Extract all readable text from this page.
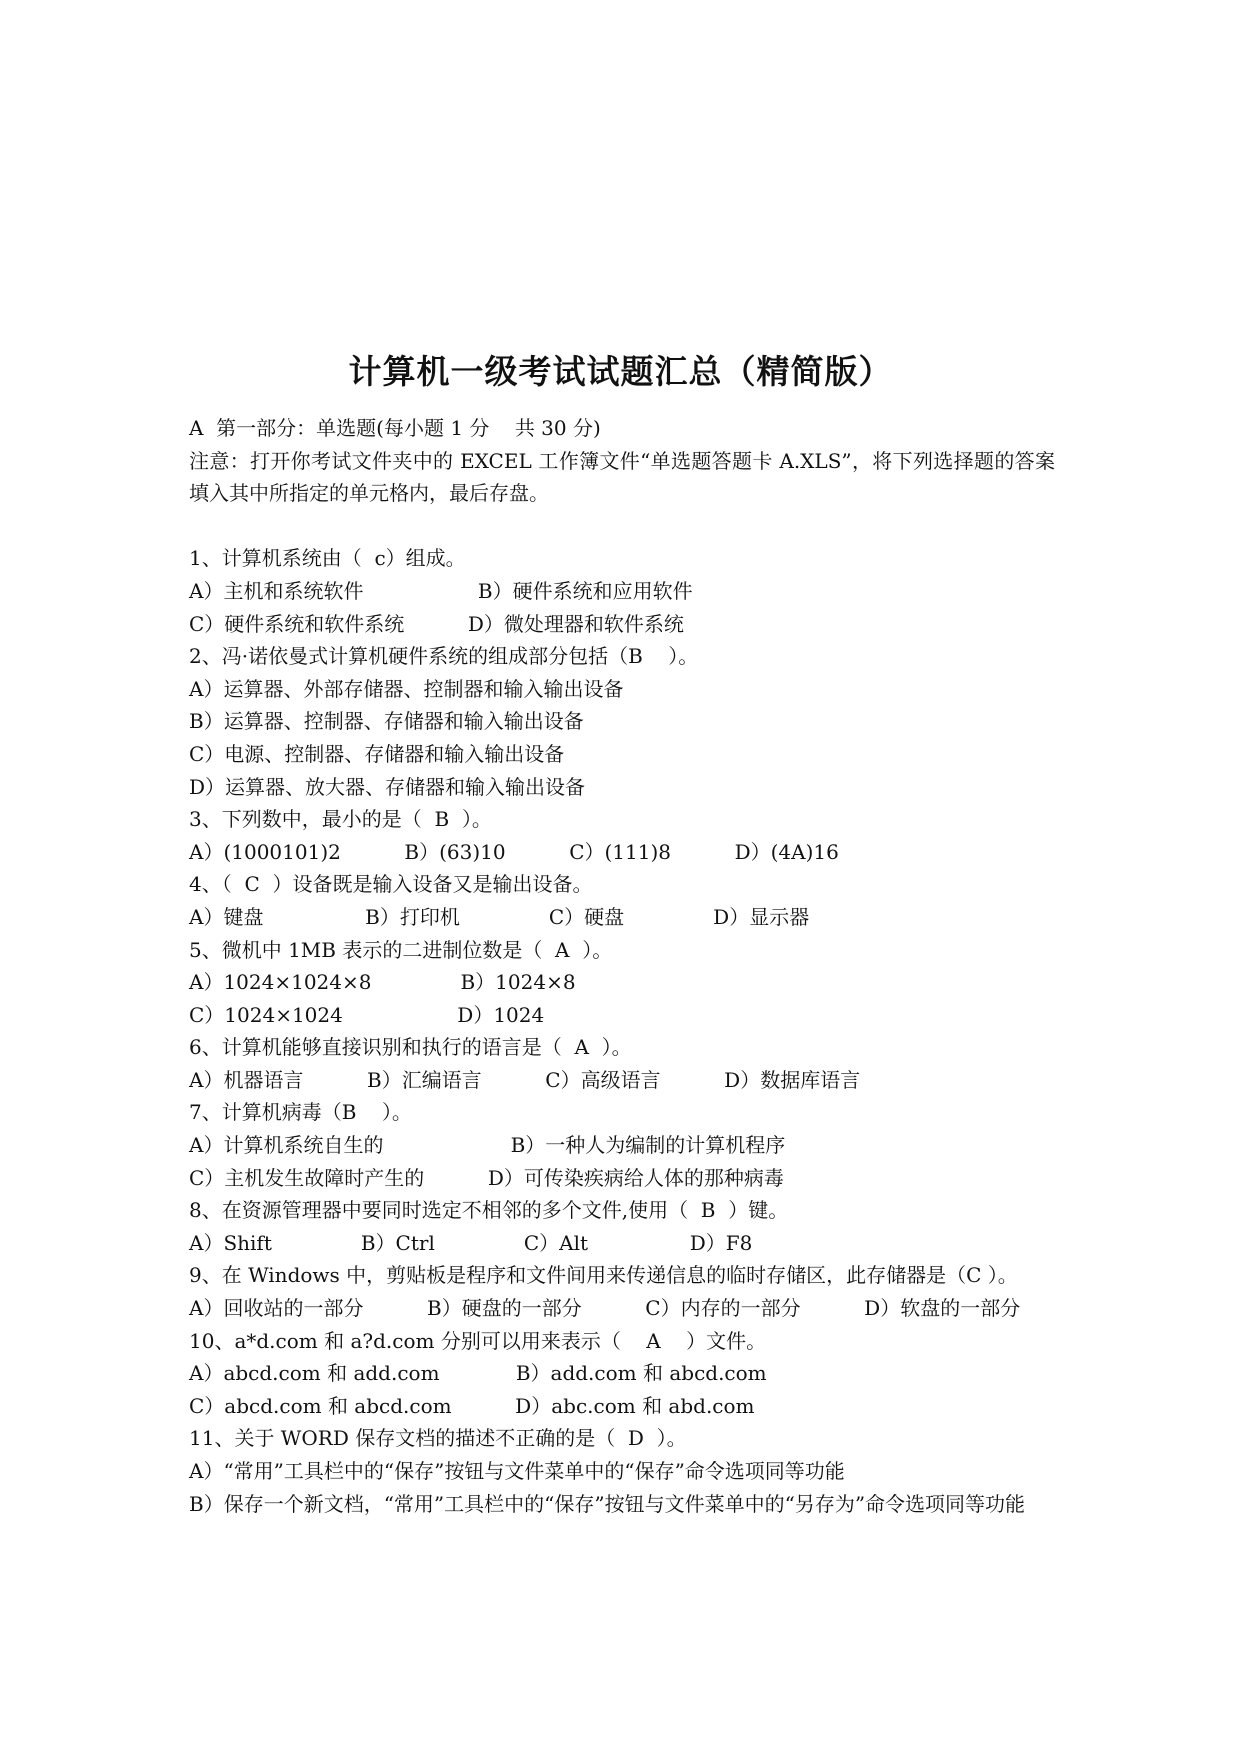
计算机一级考试试题汇总（精简版）
A  第一部分：单选题(每小题 1 分    共 30 分)
注意：打开你考试文件夹中的 EXCEL 工作簿文件“单选题答题卡 A.XLS”，将下列选择题的答案填入其中所指定的单元格内，最后存盘。
1、计算机系统由（  c）组成。
A）主机和系统软件                  B）硬件系统和应用软件
C）硬件系统和软件系统          D）微处理器和软件系统
2、冯·诺依曼式计算机硬件系统的组成部分包括（B    ）。
A）运算器、外部存储器、控制器和输入输出设备
B）运算器、控制器、存储器和输入输出设备
C）电源、控制器、存储器和输入输出设备
D）运算器、放大器、存储器和输入输出设备
3、下列数中，最小的是（  B  ）。
A）(1000101)2          B）(63)10          C）(111)8          D）(4A)16
4、（  C  ）设备既是输入设备又是输出设备。
A）键盘                B）打印机              C）硬盘              D）显示器
5、微机中 1MB 表示的二进制位数是（  A  ）。
A）1024×1024×8              B）1024×8
C）1024×1024                  D）1024
6、计算机能够直接识别和执行的语言是（  A  ）。
A）机器语言          B）汇编语言          C）高级语言          D）数据库语言
7、计算机病毒（B    ）。
A）计算机系统自生的                    B）一种人为编制的计算机程序
C）主机发生故障时产生的          D）可传染疾病给人体的那种病毒
8、在资源管理器中要同时选定不相邻的多个文件,使用（  B  ）键。
A）Shift              B）Ctrl              C）Alt                D）F8
9、在 Windows 中，剪贴板是程序和文件间用来传递信息的临时存储区，此存储器是（C ）。
A）回收站的一部分          B）硬盘的一部分          C）内存的一部分          D）软盘的一部分
10、a*d.com 和 a?d.com 分别可以用来表示（    A    ）文件。
A）abcd.com 和 add.com            B）add.com 和 abcd.com
C）abcd.com 和 abcd.com          D）abc.com 和 abd.com
11、关于 WORD 保存文档的描述不正确的是（  D  ）。
A）“常用”工具栏中的“保存”按钮与文件菜单中的“保存”命令选项同等功能
B）保存一个新文档，“常用”工具栏中的“保存”按钮与文件菜单中的“另存为”命令选项同等功能
